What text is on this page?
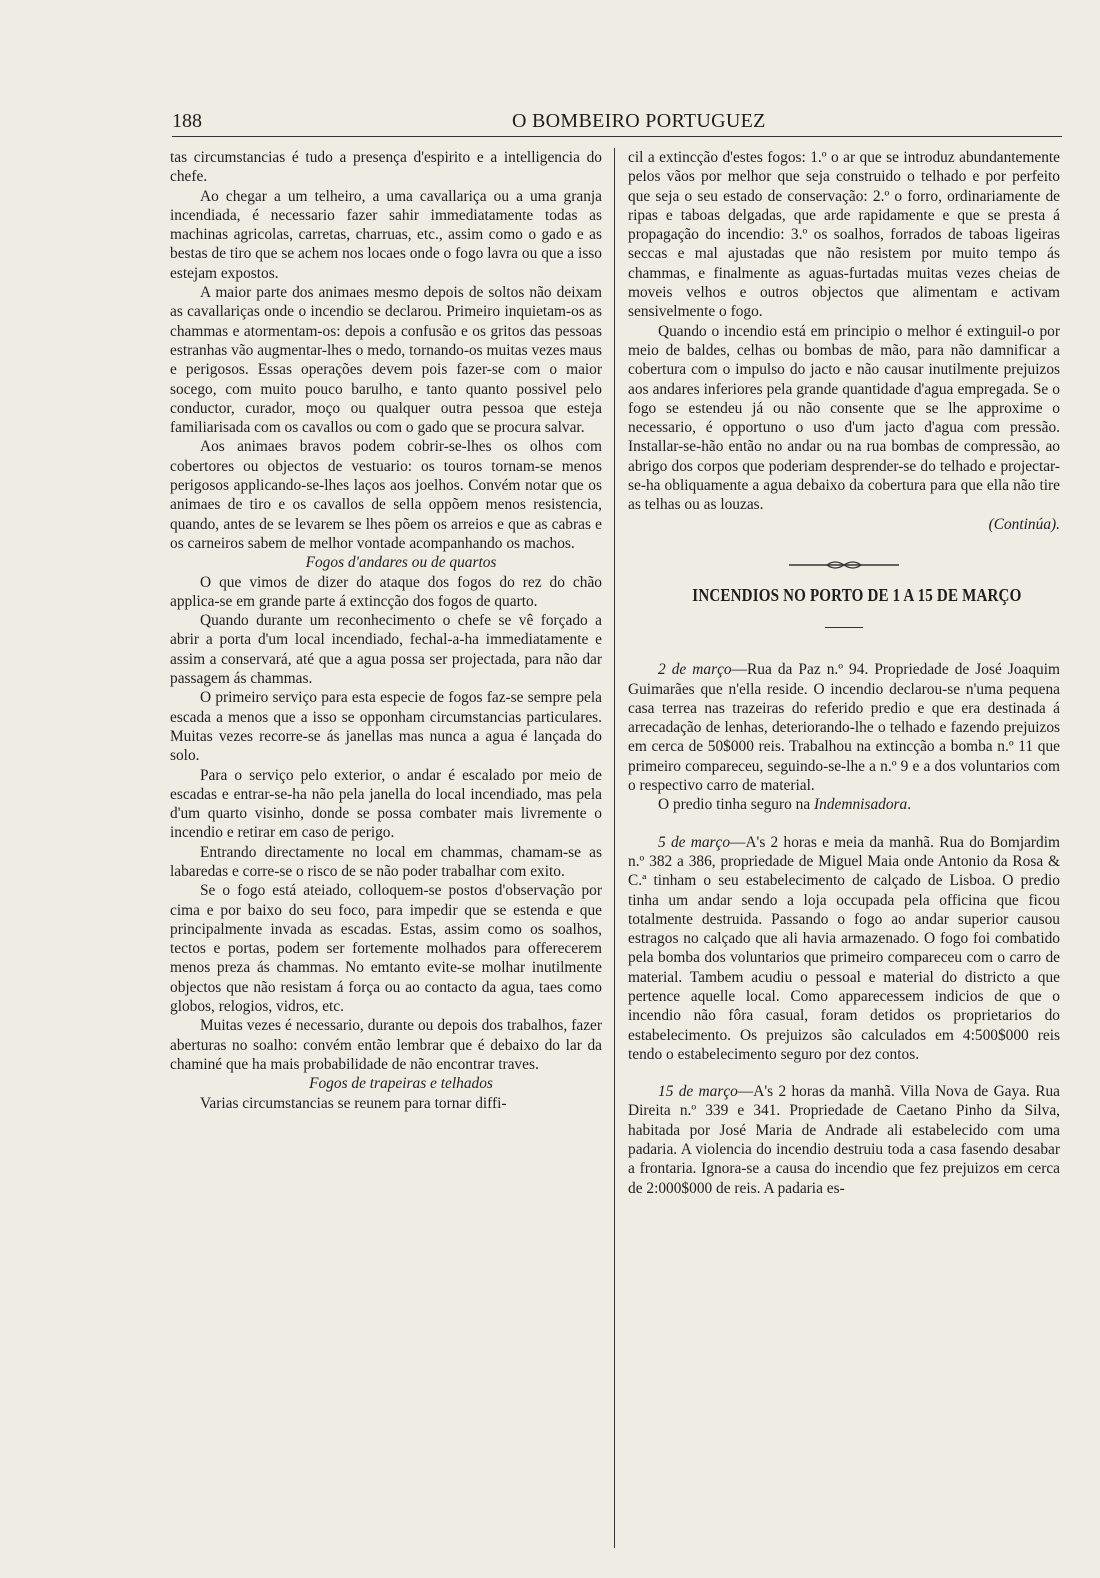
188	O BOMBEIRO PORTUGUEZ

tas circumstancias é tudo a presença d'espirito e a intelligencia do chefe.

Ao chegar a um telheiro, a uma cavallariça ou a uma granja incendiada, é necessario fazer sahir immediatamente todas as machinas agricolas, carretas, charruas, etc., assim como o gado e as bestas de tiro que se achem nos locaes onde o fogo lavra ou que a isso estejam expostos.

A maior parte dos animaes mesmo depois de soltos não deixam as cavallariças onde o incendio se declarou. Primeiro inquietam-os as chammas e atormentam-os: depois a confusão e os gritos das pessoas estranhas vão augmentar-lhes o medo, tornando-os muitas vezes maus e perigosos. Essas operações devem pois fazer-se com o maior socego, com muito pouco barulho, e tanto quanto possivel pelo conductor, curador, moço ou qualquer outra pessoa que esteja familiarisada com os cavallos ou com o gado que se procura salvar.

Aos animaes bravos podem cobrir-se-lhes os olhos com cobertores ou objectos de vestuario: os touros tornam-se menos perigosos applicando-se-lhes laços aos joelhos. Convém notar que os animaes de tiro e os cavallos de sella oppõem menos resistencia, quando, antes de se levarem se lhes põem os arreios e que as cabras e os carneiros sabem de melhor vontade acompanhando os machos.

Fogos d'andares ou de quartos

O que vimos de dizer do ataque dos fogos do rez do chão applica-se em grande parte á extincção dos fogos de quarto.

Quando durante um reconhecimento o chefe se vê forçado a abrir a porta d'um local incendiado, fechal-a-ha immediatamente e assim a conservará, até que a agua possa ser projectada, para não dar passagem ás chammas.

O primeiro serviço para esta especie de fogos faz-se sempre pela escada a menos que a isso se opponham circumstancias particulares. Muitas vezes recorre-se ás janellas mas nunca a agua é lançada do solo.

Para o serviço pelo exterior, o andar é escalado por meio de escadas e entrar-se-ha não pela janella do local incendiado, mas pela d'um quarto visinho, donde se possa combater mais livremente o incendio e retirar em caso de perigo.

Entrando directamente no local em chammas, chamam-se as labaredas e corre-se o risco de se não poder trabalhar com exito.

Se o fogo está ateiado, colloquem-se postos d'observação por cima e por baixo do seu foco, para impedir que se estenda e que principalmente invada as escadas. Estas, assim como os soalhos, tectos e portas, podem ser fortemente molhados para offerecerem menos preza ás chammas. No emtanto evite-se molhar inutilmente objectos que não resistam á força ou ao contacto da agua, taes como globos, relogios, vidros, etc.

Muitas vezes é necessario, durante ou depois dos trabalhos, fazer aberturas no soalho: convém então lembrar que é debaixo do lar da chaminé que ha mais probabilidade de não encontrar traves.

Fogos de trapeiras e telhados

Varias circumstancias se reunem para tornar diffi-

cil a extincção d'estes fogos: 1.º o ar que se introduz abundantemente pelos vãos por melhor que seja construido o telhado e por perfeito que seja o seu estado de conservação: 2.º o forro, ordinariamente de ripas e taboas delgadas, que arde rapidamente e que se presta á propagação do incendio: 3.º os soalhos, forrados de taboas ligeiras seccas e mal ajustadas que não resistem por muito tempo ás chammas, e finalmente as aguas-furtadas muitas vezes cheias de moveis velhos e outros objectos que alimentam e activam sensivelmente o fogo.

Quando o incendio está em principio o melhor é extinguil-o por meio de baldes, celhas ou bombas de mão, para não damnificar a cobertura com o impulso do jacto e não causar inutilmente prejuizos aos andares inferiores pela grande quantidade d'agua empregada. Se o fogo se estendeu já ou não consente que se lhe approxime o necessario, é opportuno o uso d'um jacto d'agua com pressão. Installar-se-hão então no andar ou na rua bombas de compressão, ao abrigo dos corpos que poderiam desprender-se do telhado e projectar-se-ha obliquamente a agua debaixo da cobertura para que ella não tire as telhas ou as louzas.

(Continúa).

INCENDIOS NO PORTO DE 1 A 15 DE MARÇO

2 de março—Rua da Paz n.º 94. Propriedade de José Joaquim Guimarães que n'ella reside. O incendio declarou-se n'uma pequena casa terrea nas trazeiras do referido predio e que era destinada á arrecadação de lenhas, deteriorando-lhe o telhado e fazendo prejuizos em cerca de 50$000 reis. Trabalhou na extincção a bomba n.º 11 que primeiro compareceu, seguindo-se-lhe a n.º 9 e a dos voluntarios com o respectivo carro de material.

O predio tinha seguro na Indemnisadora.

5 de março—A's 2 horas e meia da manhã. Rua do Bomjardim n.º 382 a 386, propriedade de Miguel Maia onde Antonio da Rosa & C.ª tinham o seu estabelecimento de calçado de Lisboa. O predio tinha um andar sendo a loja occupada pela officina que ficou totalmente destruida. Passando o fogo ao andar superior causou estragos no calçado que ali havia armazenado. O fogo foi combatido pela bomba dos voluntarios que primeiro compareceu com o carro de material. Tambem acudiu o pessoal e material do districto a que pertence aquelle local. Como apparecessem indicios de que o incendio não fôra casual, foram detidos os proprietarios do estabelecimento. Os prejuizos são calculados em 4:500$000 reis tendo o estabelecimento seguro por dez contos.

15 de março—A's 2 horas da manhã. Villa Nova de Gaya. Rua Direita n.º 339 e 341. Propriedade de Caetano Pinho da Silva, habitada por José Maria de Andrade ali estabelecido com uma padaria. A violencia do incendio destruiu toda a casa fasendo desabar a frontaria. Ignora-se a causa do incendio que fez prejuizos em cerca de 2:000$000 de reis. A padaria es-
